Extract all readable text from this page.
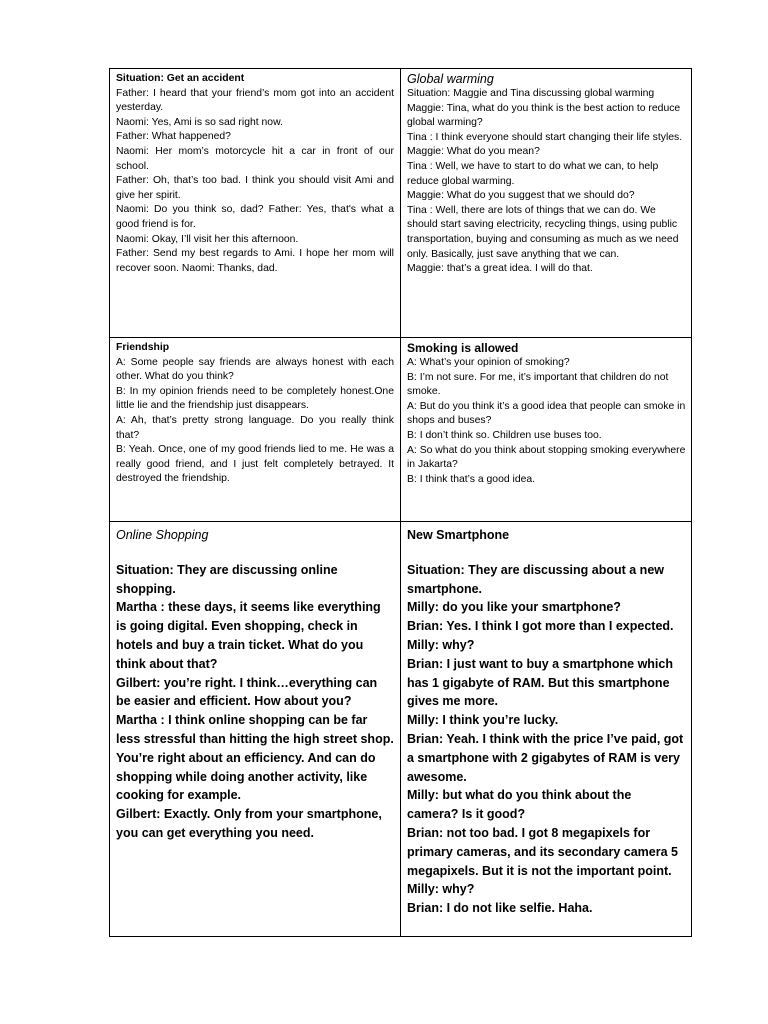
Situation: Get an accident
Father: I heard that your friend’s mom got into an accident yesterday.
Naomi: Yes, Ami is so sad right now.
Father: What happened?
Naomi: Her mom’s motorcycle hit a car in front of our school.
Father: Oh, that’s too bad. I think you should visit Ami and give her spirit.
Naomi: Do you think so, dad? Father: Yes, that's what a good friend is for.
Naomi: Okay, I’ll visit her this afternoon.
Father: Send my best regards to Ami. I hope her mom will recover soon. Naomi: Thanks, dad.
Global warming
Situation: Maggie and Tina discussing global warming
Maggie: Tina, what do you think is the best action to reduce global warming?
Tina : I think everyone should start changing their life styles.
Maggie: What do you mean?
Tina : Well, we have to start to do what we can, to help reduce global warming.
Maggie: What do you suggest that we should do?
Tina : Well, there are lots of things that we can do. We should start saving electricity, recycling things, using public transportation, buying and consuming as much as we need only. Basically, just save anything that we can.
Maggie: that’s a great idea. I will do that.
Friendship
A: Some people say friends are always honest with each other. What do you think?
B: In my opinion friends need to be completely honest.One little lie and the friendship just disappears.
A: Ah, that’s pretty strong language. Do you really think that?
B: Yeah. Once, one of my good friends lied to me. He was a really good friend, and I just felt completely betrayed. It destroyed the friendship.
Smoking is allowed
A: What’s your opinion of smoking?
B: I’m not sure. For me, it’s important that children do not smoke.
A: But do you think it’s a good idea that people can smoke in shops and buses?
B: I don’t think so. Children use buses too.
A: So what do you think about stopping smoking everywhere in Jakarta?
B: I think that’s a good idea.
Online Shopping
Situation: They are discussing online shopping.
Martha : these days, it seems like everything is going digital. Even shopping, check in hotels and buy a train ticket. What do you think about that?
Gilbert: you’re right. I think…everything can be easier and efficient. How about you?
Martha : I think online shopping can be far less stressful than hitting the high street shop. You’re right about an efficiency. And can do shopping while doing another activity, like cooking for example.
Gilbert: Exactly. Only from your smartphone, you can get everything you need.
New Smartphone
Situation: They are discussing about a new smartphone.
Milly: do you like your smartphone?
Brian: Yes. I think I got more than I expected.
Milly: why?
Brian: I just want to buy a smartphone which has 1 gigabyte of RAM. But this smartphone gives me more.
Milly: I think you’re lucky.
Brian: Yeah. I think with the price I’ve paid, got a smartphone with 2 gigabytes of RAM is very awesome.
Milly: but what do you think about the camera? Is it good?
Brian: not too bad. I got 8 megapixels for primary cameras, and its secondary camera 5 megapixels. But it is not the important point.
Milly: why?
Brian: I do not like selfie. Haha.
